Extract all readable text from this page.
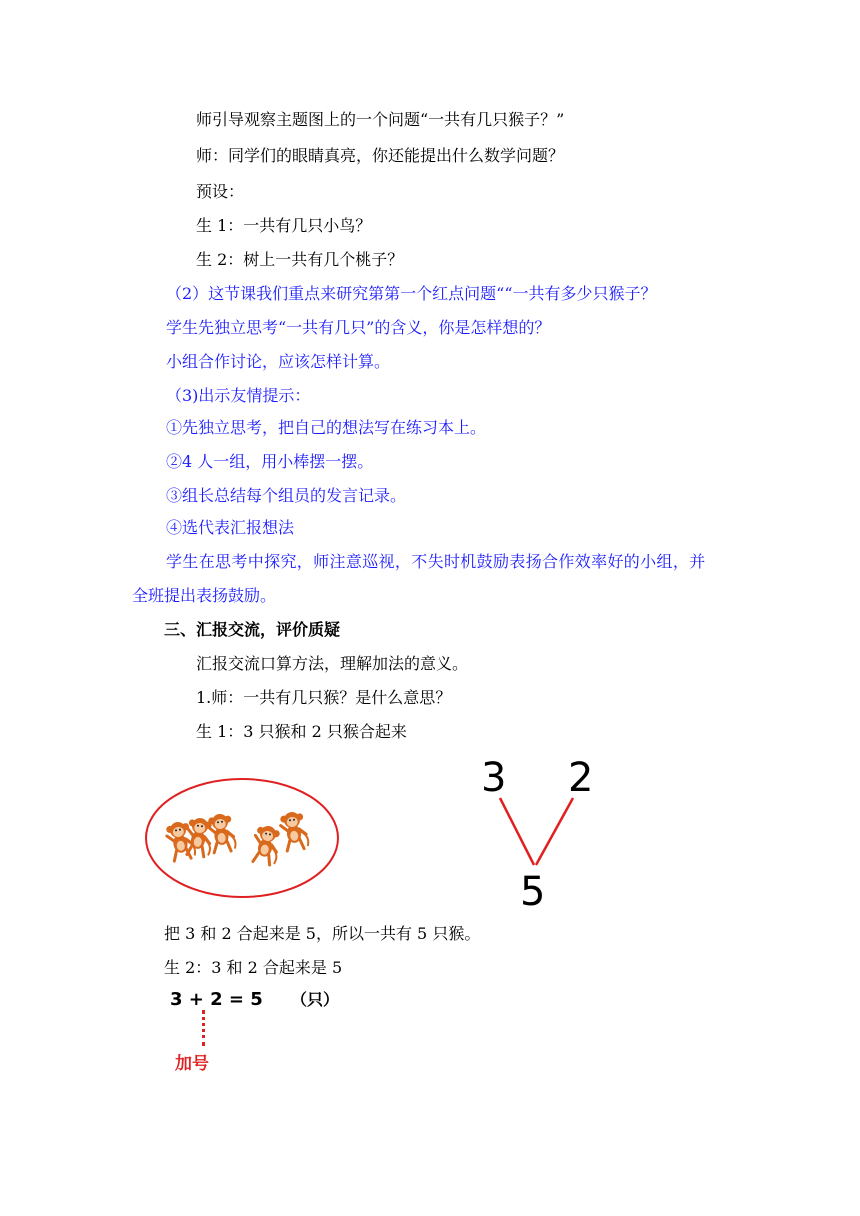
师引导观察主题图上的一个问题“一共有几只猴子？”
师：同学们的眼睛真亮，你还能提出什么数学问题？
预设：
生 1：一共有几只小鸟？
生 2：树上一共有几个桃子？
（2）这节课我们重点来研究第第一个红点问题““一共有多少只猴子？
学生先独立思考“一共有几只”的含义，你是怎样想的？
小组合作讨论，应该怎样计算。
（3)出示友情提示：
①先独立思考，把自己的想法写在练习本上。
②4 人一组，用小棒摆一摆。
③组长总结每个组员的发言记录。
④选代表汇报想法
学生在思考中探究，师注意巡视，不失时机鼓励表扬合作效率好的小组，并
全班提出表扬鼓励。
三、汇报交流，评价质疑
汇报交流口算方法，理解加法的意义。
1.师：一共有几只猴？是什么意思？
生 1：3 只猴和 2 只猴合起来
3 2
5
把 3 和 2 合起来是 5，所以一共有 5 只猴。
生 2：3 和 2 合起来是 5
3 + 2 = 5 （只）
加号
